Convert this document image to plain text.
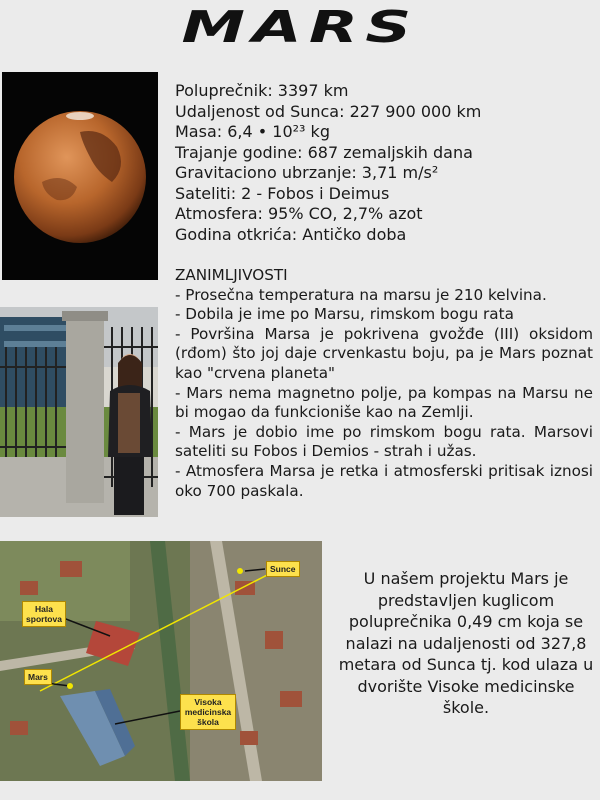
MARS
Poluprečnik: 3397 km
Udaljenost od Sunca: 227 900 000 km
Masa: 6,4 • 10²³ kg
Trajanje godine: 687 zemaljskih dana
Gravitaciono ubrzanje: 3,71 m/s²
Sateliti: 2 - Fobos i Deimus
Atmosfera: 95% CO, 2,7% azot
Godina otkrića: Antičko doba

ZANIMLJIVOSTI

- Prosečna temperatura na marsu je 210 kelvina.

- Dobila je ime po Marsu, rimskom bogu rata

- Površina Marsa je pokrivena gvožđe (III) oksidom (rđom) što joj daje crvenkastu boju, pa je Mars poznat kao "crvena planeta"

- Mars nema magnetno polje, pa kompas na Marsu ne bi mogao da funkcioniše kao na Zemlji.

- Mars je dobio ime po rimskom bogu rata. Marsovi sateliti su Fobos i Demios - strah i užas.

- Atmosfera Marsa je retka i atmosferski pritisak iznosi oko 700 paskala.

Sunce
Hala sportova
Mars
Visoka medicinska škola

U našem projektu Mars je predstavljen kuglicom poluprečnika 0,49 cm koja se nalazi na udaljenosti od 327,8 metara od Sunca tj. kod ulaza u dvorište Visoke medicinske škole.
